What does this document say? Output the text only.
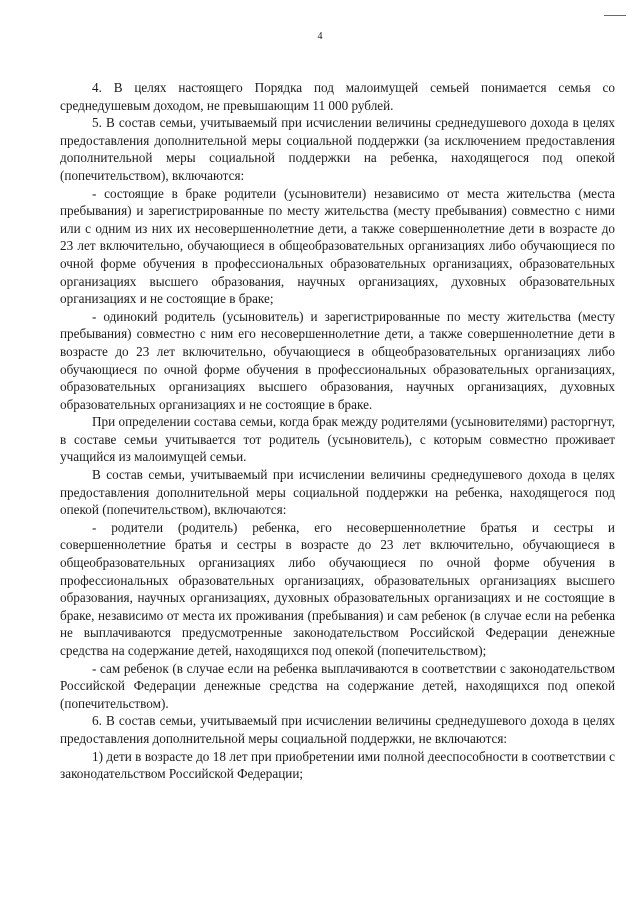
4

4. В целях настоящего Порядка под малоимущей семьей понимается семья со среднедушевым доходом, не превышающим 11 000 рублей.

5. В состав семьи, учитываемый при исчислении величины среднедушевого дохода в целях предоставления дополнительной меры социальной поддержки (за исключением предоставления дополнительной меры социальной поддержки на ребенка, находящегося под опекой (попечительством), включаются:

- состоящие в браке родители (усыновители) независимо от места жительства (места пребывания) и зарегистрированные по месту жительства (месту пребывания) совместно с ними или с одним из них их несовершеннолетние дети, а также совершеннолетние дети в возрасте до 23 лет включительно, обучающиеся в общеобразовательных организациях либо обучающиеся по очной форме обучения в профессиональных образовательных организациях, образовательных организациях высшего образования, научных организациях, духовных образовательных организациях и не состоящие в браке;

- одинокий родитель (усыновитель) и зарегистрированные по месту жительства (месту пребывания) совместно с ним его несовершеннолетние дети, а также совершеннолетние дети в возрасте до 23 лет включительно, обучающиеся в общеобразовательных организациях либо обучающиеся по очной форме обучения в профессиональных образовательных организациях, образовательных организациях высшего образования, научных организациях, духовных образовательных организациях и не состоящие в браке.

При определении состава семьи, когда брак между родителями (усыновителями) расторгнут, в составе семьи учитывается тот родитель (усыновитель), с которым совместно проживает учащийся из малоимущей семьи.

В состав семьи, учитываемый при исчислении величины среднедушевого дохода в целях предоставления дополнительной меры социальной поддержки на ребенка, находящегося под опекой (попечительством), включаются:

- родители (родитель) ребенка, его несовершеннолетние братья и сестры и совершеннолетние братья и сестры в возрасте до 23 лет включительно, обучающиеся в общеобразовательных организациях либо обучающиеся по очной форме обучения в профессиональных образовательных организациях, образовательных организациях высшего образования, научных организациях, духовных образовательных организациях и не состоящие в браке, независимо от места их проживания (пребывания) и сам ребенок (в случае если на ребенка не выплачиваются предусмотренные законодательством Российской Федерации денежные средства на содержание детей, находящихся под опекой (попечительством);

- сам ребенок (в случае если на ребенка выплачиваются в соответствии с законодательством Российской Федерации денежные средства на содержание детей, находящихся под опекой (попечительством).

6. В состав семьи, учитываемый при исчислении величины среднедушевого дохода в целях предоставления дополнительной меры социальной поддержки, не включаются:

1) дети в возрасте до 18 лет при приобретении ими полной дееспособности в соответствии с законодательством Российской Федерации;
